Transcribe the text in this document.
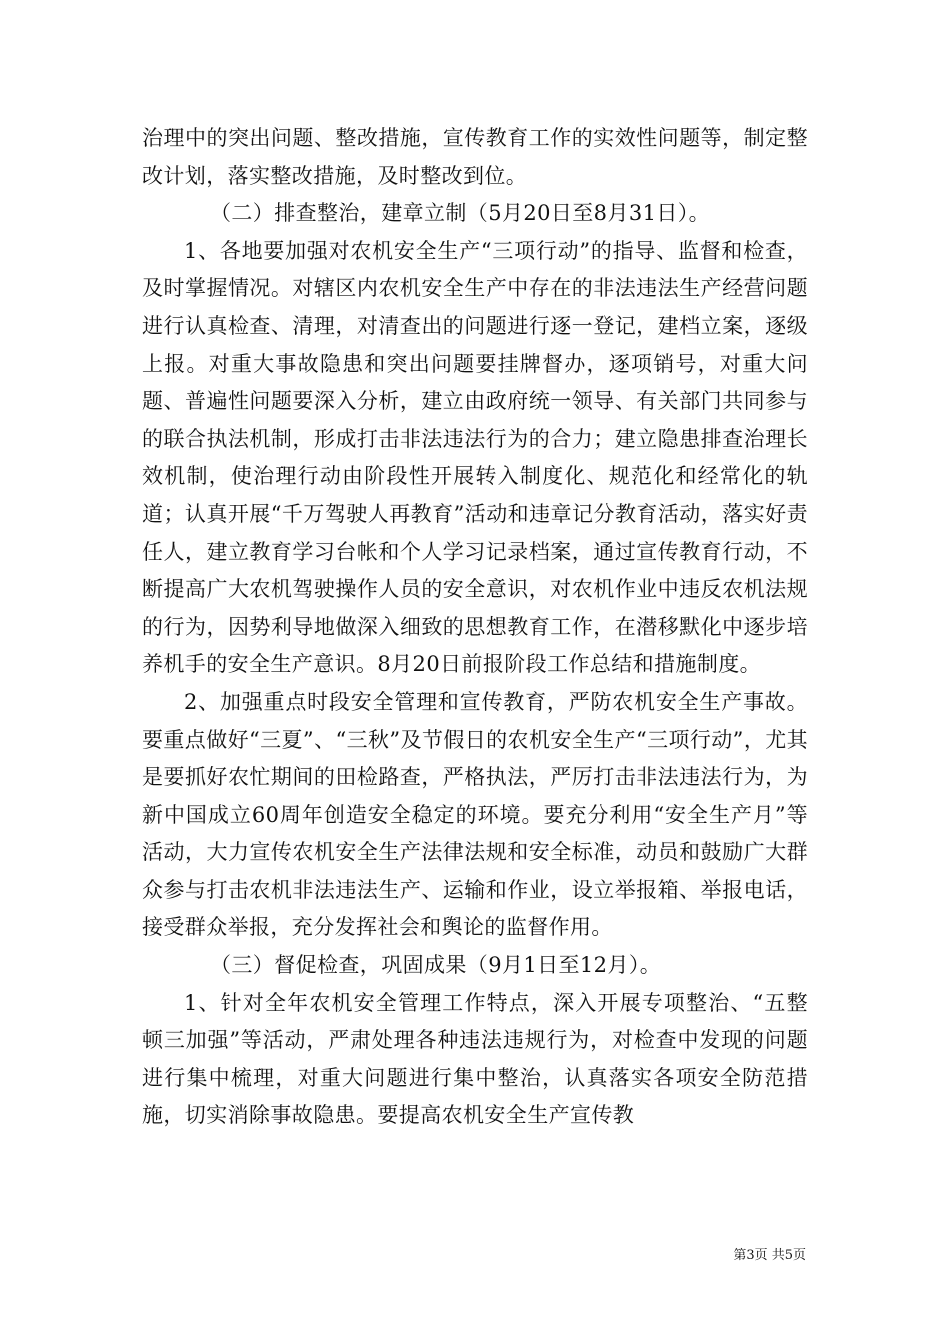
治理中的突出问题、整改措施，宣传教育工作的实效性问题等，制定整改计划，落实整改措施，及时整改到位。

（二）排查整治，建章立制（5月20日至8月31日）。

1、各地要加强对农机安全生产“三项行动”的指导、监督和检查，及时掌握情况。对辖区内农机安全生产中存在的非法违法生产经营问题进行认真检查、清理，对清查出的问题进行逐一登记，建档立案，逐级上报。对重大事故隐患和突出问题要挂牌督办，逐项销号，对重大问题、普遍性问题要深入分析，建立由政府统一领导、有关部门共同参与的联合执法机制，形成打击非法违法行为的合力；建立隐患排查治理长效机制，使治理行动由阶段性开展转入制度化、规范化和经常化的轨道；认真开展“千万驾驶人再教育”活动和违章记分教育活动，落实好责任人，建立教育学习台帐和个人学习记录档案，通过宣传教育行动，不断提高广大农机驾驶操作人员的安全意识，对农机作业中违反农机法规的行为，因势利导地做深入细致的思想教育工作，在潜移默化中逐步培养机手的安全生产意识。8月20日前报阶段工作总结和措施制度。

2、加强重点时段安全管理和宣传教育，严防农机安全生产事故。要重点做好“三夏”、“三秋”及节假日的农机安全生产“三项行动”，尤其是要抓好农忙期间的田检路查，严格执法，严厉打击非法违法行为，为新中国成立60周年创造安全稳定的环境。要充分利用“安全生产月”等活动，大力宣传农机安全生产法律法规和安全标准，动员和鼓励广大群众参与打击农机非法违法生产、运输和作业，设立举报箱、举报电话，接受群众举报，充分发挥社会和舆论的监督作用。

（三）督促检查，巩固成果（9月1日至12月）。

1、针对全年农机安全管理工作特点，深入开展专项整治、“五整顿三加强”等活动，严肃处理各种违法违规行为，对检查中发现的问题进行集中梳理，对重大问题进行集中整治，认真落实各项安全防范措施，切实消除事故隐患。要提高农机安全生产宣传教

第3页 共5页
